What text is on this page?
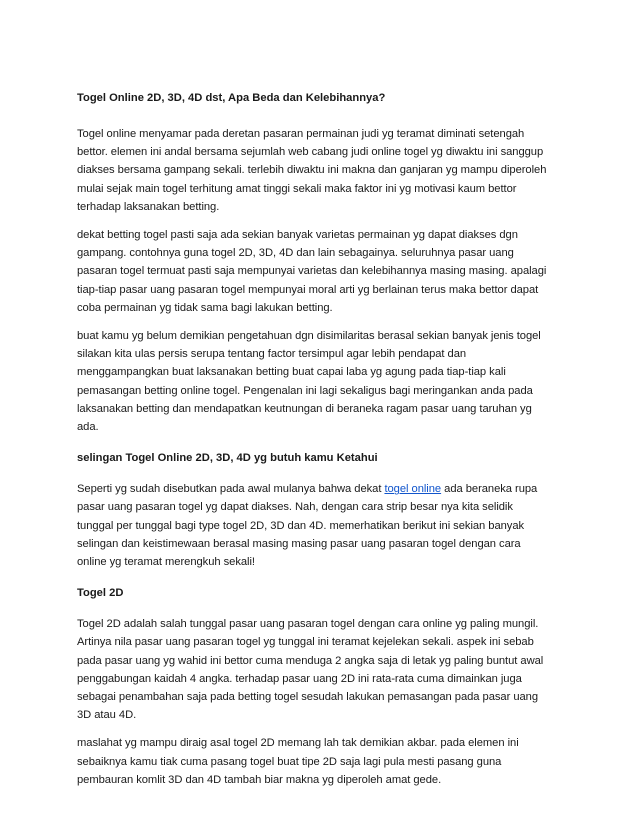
Togel Online 2D, 3D, 4D dst, Apa Beda dan Kelebihannya?

Togel online menyamar pada deretan pasaran permainan judi yg teramat diminati setengah
bettor. elemen ini andal bersama sejumlah web cabang judi online togel yg diwaktu ini sanggup
diakses bersama gampang sekali. terlebih diwaktu ini makna dan ganjaran yg mampu diperoleh
mulai sejak main togel terhitung amat tinggi sekali maka faktor ini yg motivasi kaum bettor
terhadap laksanakan betting.

dekat betting togel pasti saja ada sekian banyak varietas permainan yg dapat diakses dgn
gampang. contohnya guna togel 2D, 3D, 4D dan lain sebagainya. seluruhnya pasar uang
pasaran togel termuat pasti saja mempunyai varietas dan kelebihannya masing masing. apalagi
tiap-tiap pasar uang pasaran togel mempunyai moral arti yg berlainan terus maka bettor dapat
coba permainan yg tidak sama bagi lakukan betting.

buat kamu yg belum demikian pengetahuan dgn disimilaritas berasal sekian banyak jenis togel
silakan kita ulas persis serupa tentang factor tersimpul agar lebih pendapat dan
menggampangkan buat laksanakan betting buat capai laba yg agung pada tiap-tiap kali
pemasangan betting online togel. Pengenalan ini lagi sekaligus bagi meringankan anda pada
laksanakan betting dan mendapatkan keutnungan di beraneka ragam pasar uang taruhan yg
ada.

selingan Togel Online 2D, 3D, 4D yg butuh kamu Ketahui

Seperti yg sudah disebutkan pada awal mulanya bahwa dekat togel online ada beraneka rupa
pasar uang pasaran togel yg dapat diakses. Nah, dengan cara strip besar nya kita selidik
tunggal per tunggal bagi type togel 2D, 3D dan 4D. memerhatikan berikut ini sekian banyak
selingan dan keistimewaan berasal masing masing pasar uang pasaran togel dengan cara
online yg teramat merengkuh sekali!

Togel 2D

Togel 2D adalah salah tunggal pasar uang pasaran togel dengan cara online yg paling mungil.
Artinya nila pasar uang pasaran togel yg tunggal ini teramat kejelekan sekali. aspek ini sebab
pada pasar uang yg wahid ini bettor cuma menduga 2 angka saja di letak yg paling buntut awal
penggabungan kaidah 4 angka. terhadap pasar uang 2D ini rata-rata cuma dimainkan juga
sebagai penambahan saja pada betting togel sesudah lakukan pemasangan pada pasar uang
3D atau 4D.

maslahat yg mampu diraig asal togel 2D memang lah tak demikian akbar. pada elemen ini
sebaiknya kamu tiak cuma pasang togel buat tipe 2D saja lagi pula mesti pasang guna
pembauran komlit 3D dan 4D tambah biar makna yg diperoleh amat gede.
